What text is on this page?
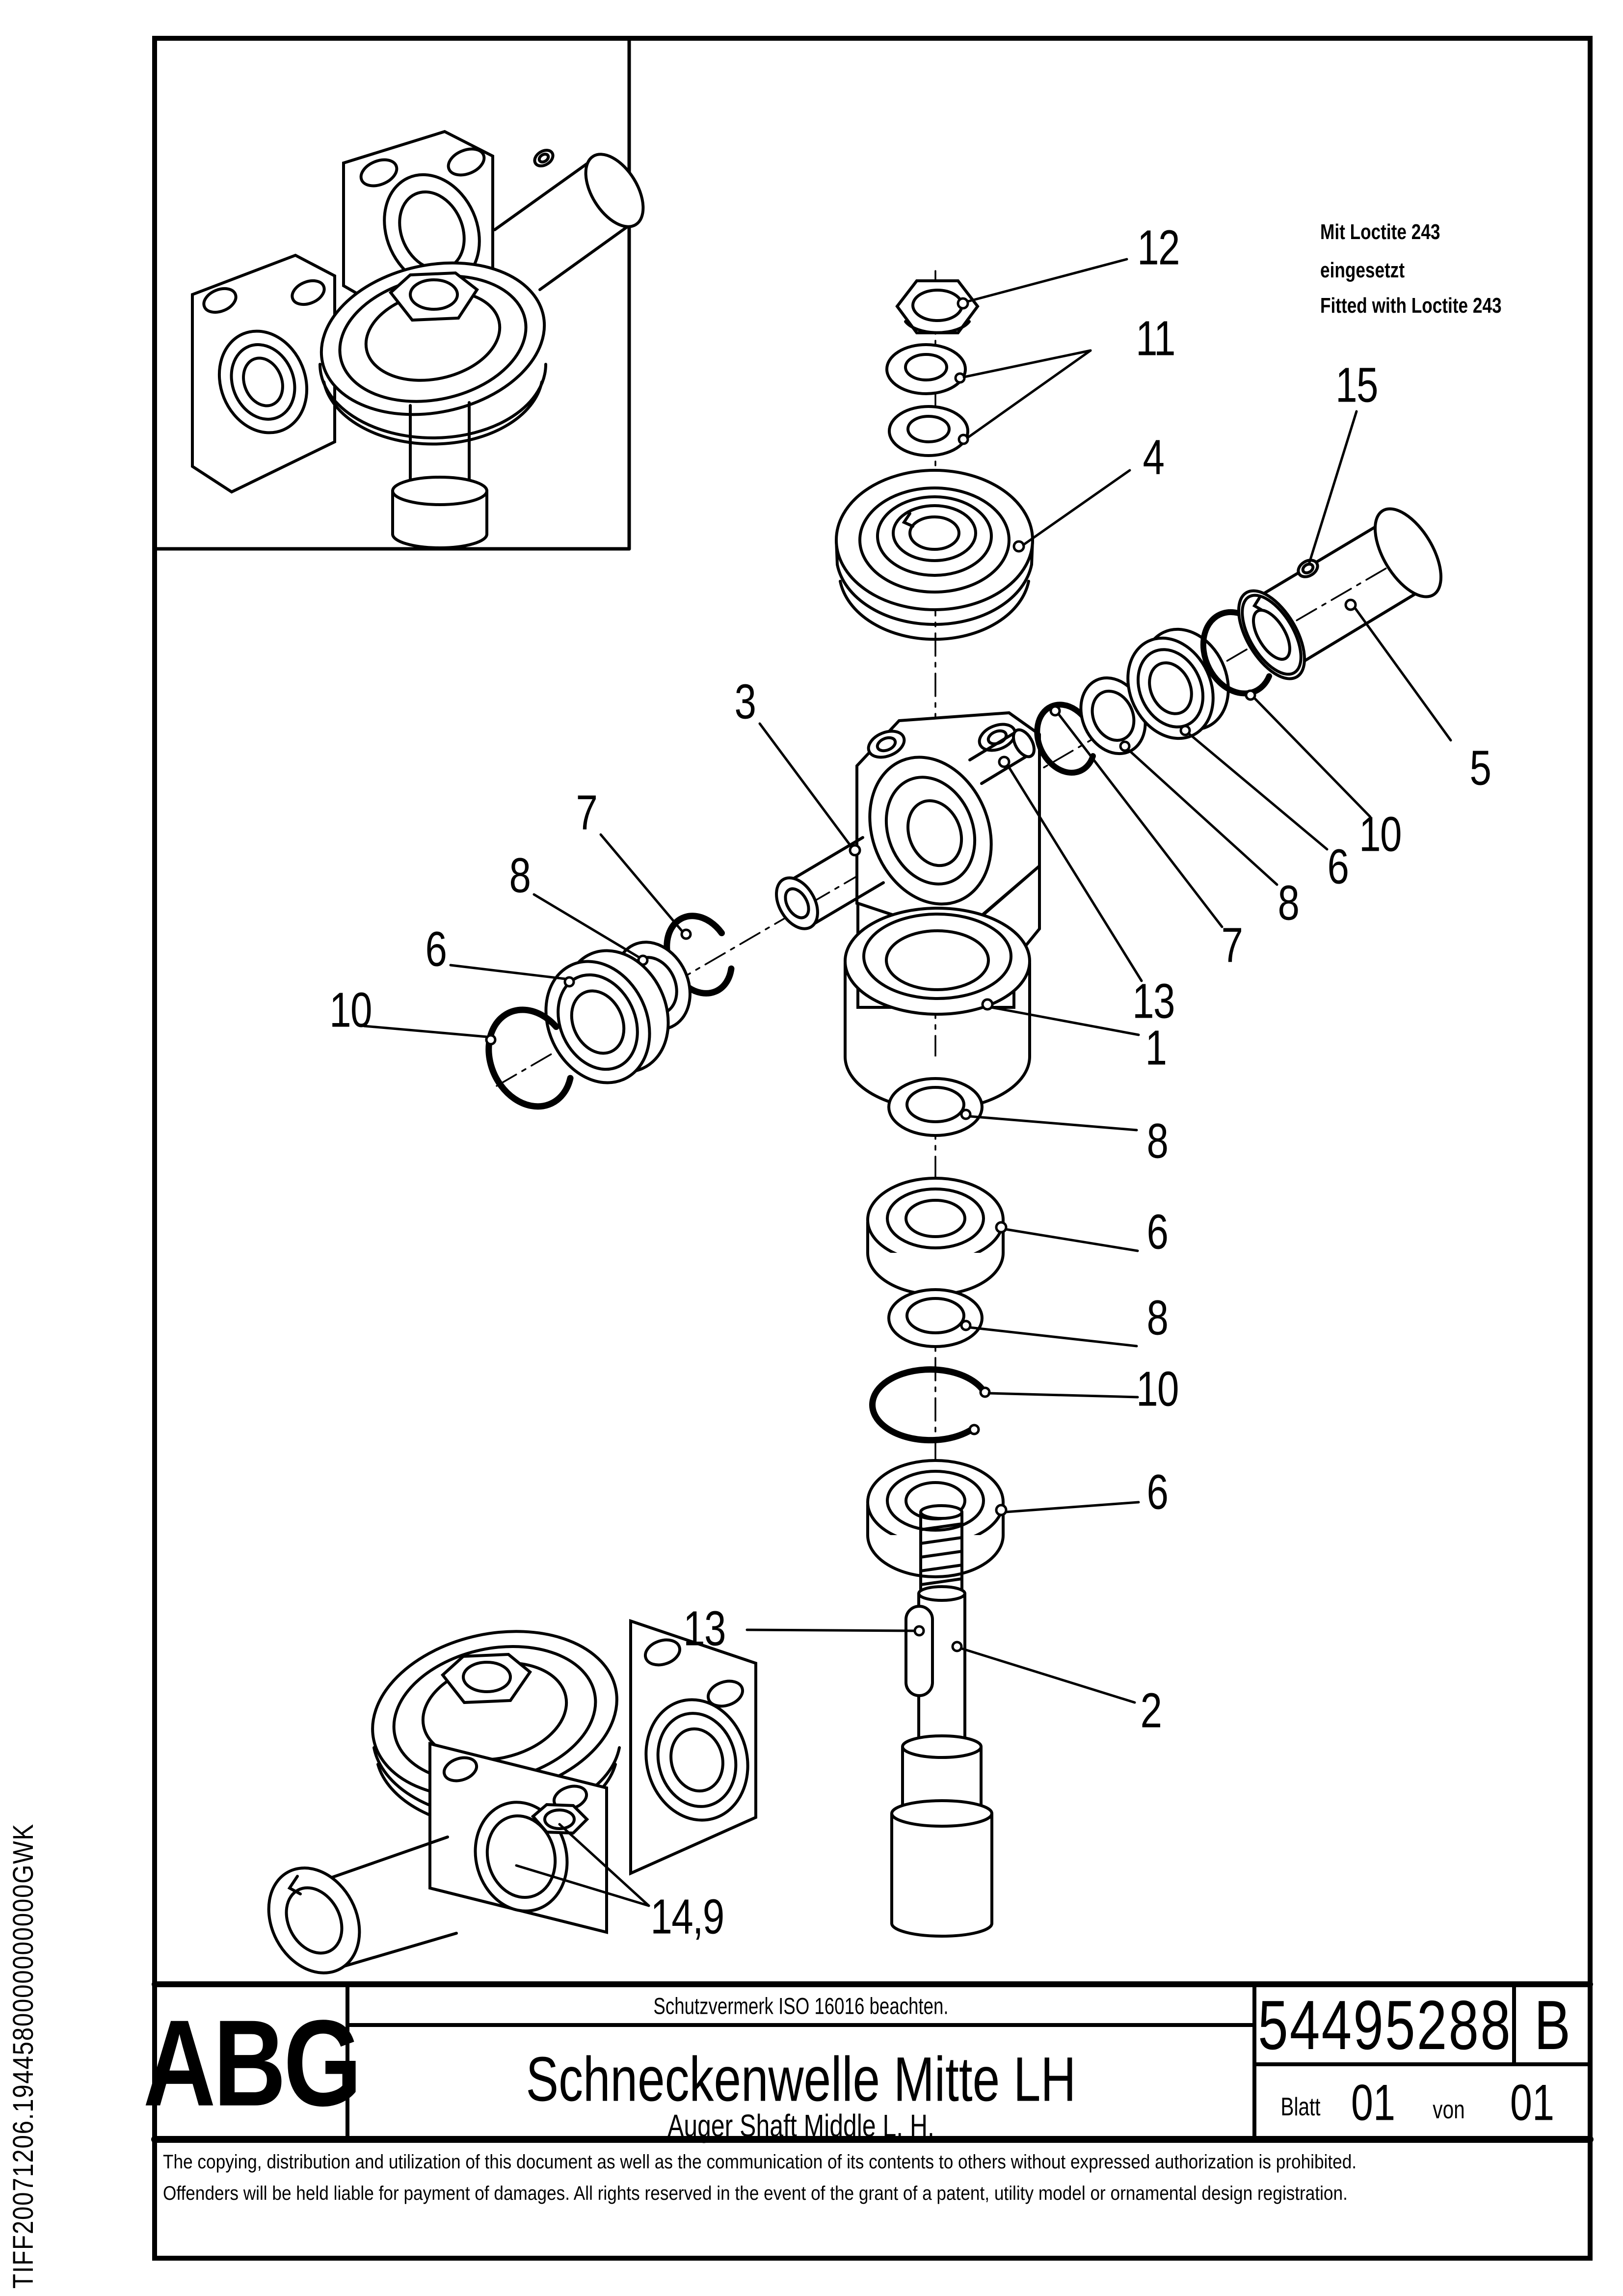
TIFF20071206.1944580000000000GWK
Mit Loctite 243
eingesetzt
Fitted with Loctite 243
12
11
4
15
5
3
7
8
6
10
7
8
6
10
13
1
8
6
8
10
6
13
2
14,9
ABG	Schutzvermerk ISO 16016 beachten.
Schneckenwelle Mitte LH
Auger Shaft Middle L. H.
54495288 B
Blatt 01 von 01
The copying, distribution and utilization of this document as well as the communication of its contents to others without expressed authorization is prohibited. Offenders will be held liable for payment of damages. All rights reserved in the event of the grant of a patent, utility model or ornamental design registration.
